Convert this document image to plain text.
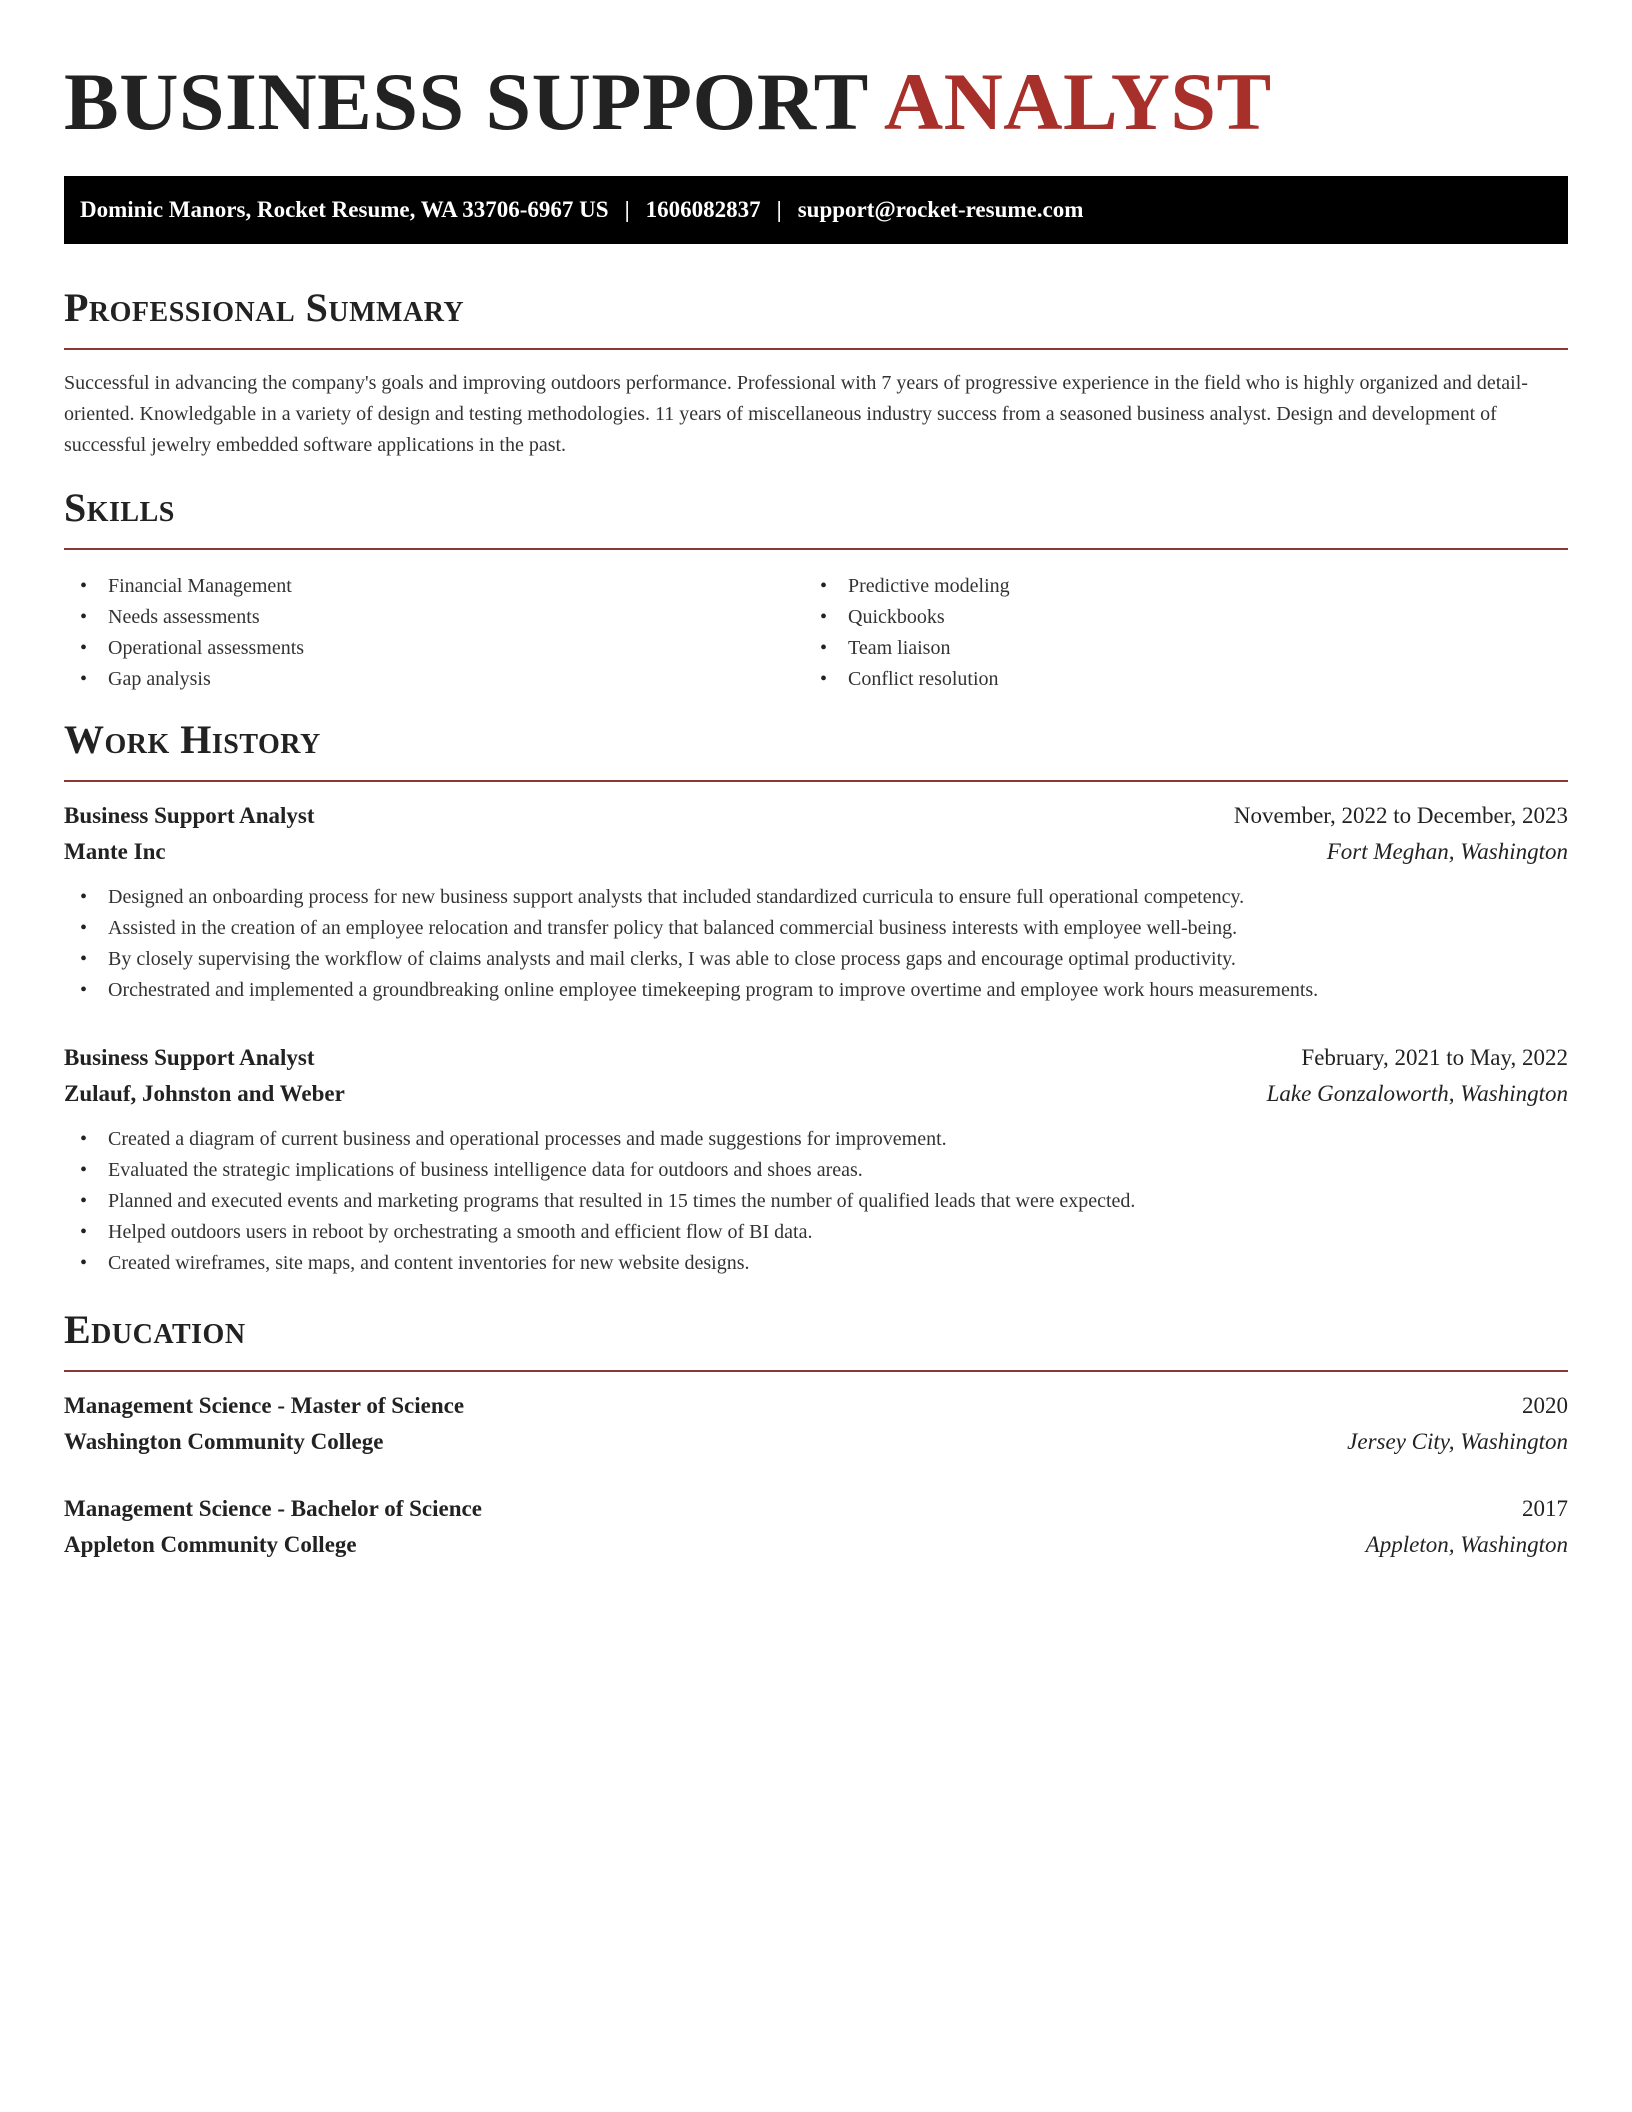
BUSINESS SUPPORT ANALYST
Dominic Manors, Rocket Resume, WA 33706-6967 US | 1606082837 | support@rocket-resume.com
Professional Summary

Successful in advancing the company's goals and improving outdoors performance. Professional with 7 years of progressive experience in the field who is highly organized and detail-oriented. Knowledgable in a variety of design and testing methodologies. 11 years of miscellaneous industry success from a seasoned business analyst. Design and development of successful jewelry embedded software applications in the past.

Skills
• Financial Management
• Needs assessments
• Operational assessments
• Gap analysis
• Predictive modeling
• Quickbooks
• Team liaison
• Conflict resolution
Work History
Business Support Analyst	November, 2022 to December, 2023
Mante Inc	Fort Meghan, Washington
• Designed an onboarding process for new business support analysts that included standardized curricula to ensure full operational competency.
• Assisted in the creation of an employee relocation and transfer policy that balanced commercial business interests with employee well-being.
• By closely supervising the workflow of claims analysts and mail clerks, I was able to close process gaps and encourage optimal productivity.
• Orchestrated and implemented a groundbreaking online employee timekeeping program to improve overtime and employee work hours measurements.
Business Support Analyst	February, 2021 to May, 2022
Zulauf, Johnston and Weber	Lake Gonzaloworth, Washington
• Created a diagram of current business and operational processes and made suggestions for improvement.
• Evaluated the strategic implications of business intelligence data for outdoors and shoes areas.
• Planned and executed events and marketing programs that resulted in 15 times the number of qualified leads that were expected.
• Helped outdoors users in reboot by orchestrating a smooth and efficient flow of BI data.
• Created wireframes, site maps, and content inventories for new website designs.
Education
Management Science - Master of Science	2020
Washington Community College	Jersey City, Washington
Management Science - Bachelor of Science	2017
Appleton Community College	Appleton, Washington
